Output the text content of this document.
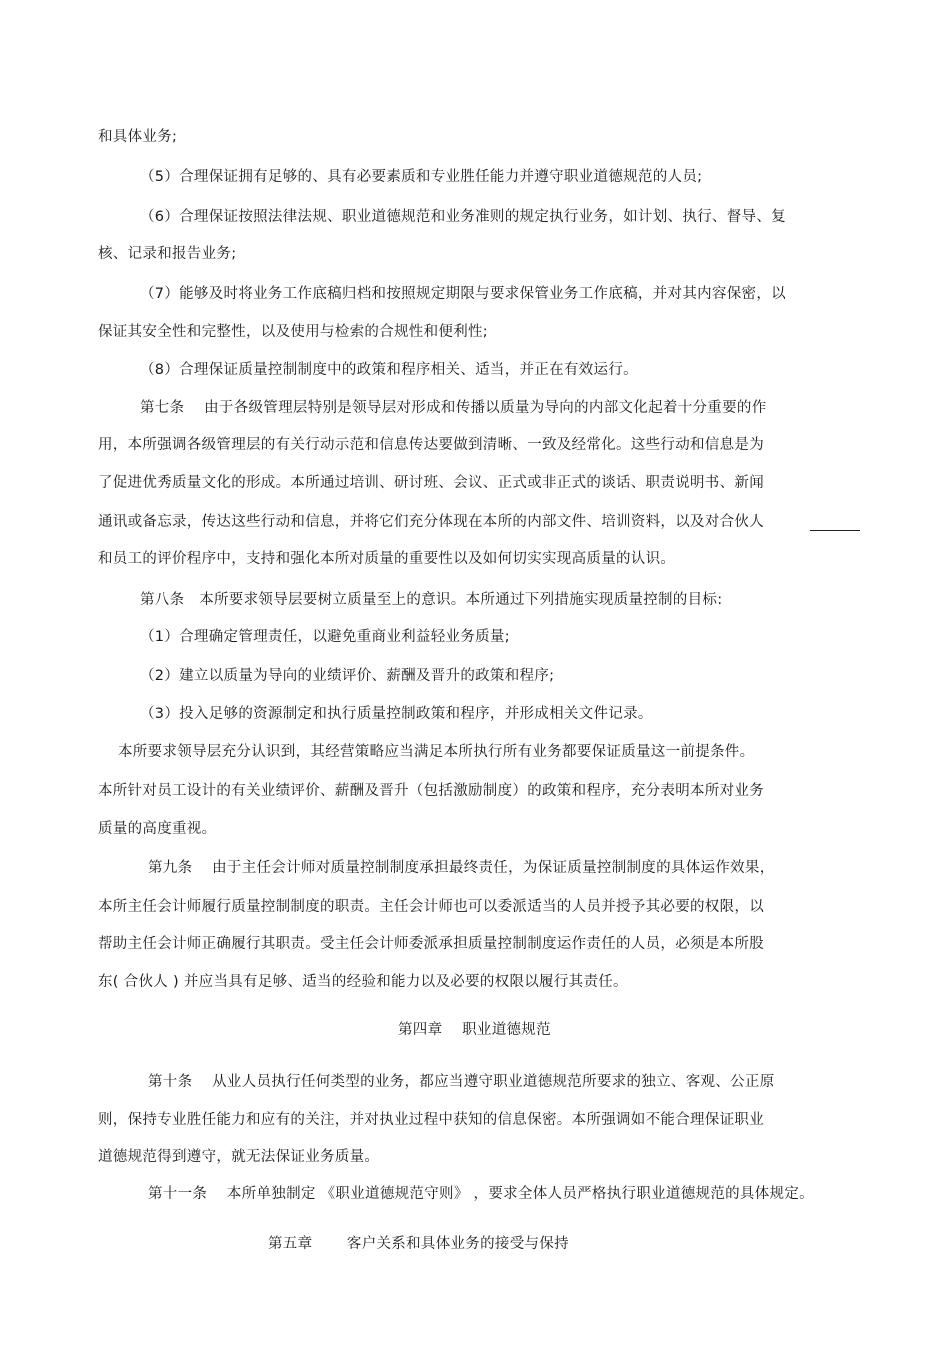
和具体业务;
（5）合理保证拥有足够的、具有必要素质和专业胜任能力并遵守职业道德规范的人员;
（6）合理保证按照法律法规、职业道德规范和业务准则的规定执行业务，如计划、执行、督导、复
核、记录和报告业务;
（7）能够及时将业务工作底稿归档和按照规定期限与要求保管业务工作底稿，并对其内容保密，以
保证其安全性和完整性，以及使用与检索的合规性和便利性;
（8）合理保证质量控制制度中的政策和程序相关、适当，并正在有效运行。
第七条　 由于各级管理层特别是领导层对形成和传播以质量为导向的内部文化起着十分重要的作
用，本所强调各级管理层的有关行动示范和信息传达要做到清晰、一致及经常化。这些行动和信息是为
了促进优秀质量文化的形成。本所通过培训、研讨班、会议、正式或非正式的谈话、职责说明书、新闻
通讯或备忘录，传达这些行动和信息，并将它们充分体现在本所的内部文件、培训资料，以及对合伙人
和员工的评价程序中，支持和强化本所对质量的重要性以及如何切实实现高质量的认识。
第八条　本所要求领导层要树立质量至上的意识。本所通过下列措施实现质量控制的目标:
（1）合理确定管理责任，以避免重商业利益轻业务质量;
（2）建立以质量为导向的业绩评价、薪酬及晋升的政策和程序;
（3）投入足够的资源制定和执行质量控制政策和程序，并形成相关文件记录。
本所要求领导层充分认识到，其经营策略应当满足本所执行所有业务都要保证质量这一前提条件。
本所针对员工设计的有关业绩评价、薪酬及晋升（包括激励制度）的政策和程序，充分表明本所对业务
质量的高度重视。
第九条　 由于主任会计师对质量控制制度承担最终责任，为保证质量控制制度的具体运作效果，
本所主任会计师履行质量控制制度的职责。主任会计师也可以委派适当的人员并授予其必要的权限，以
帮助主任会计师正确履行其职责。受主任会计师委派承担质量控制制度运作责任的人员，必须是本所股
东( 合伙人 ) 并应当具有足够、适当的经验和能力以及必要的权限以履行其责任。
第四章　 职业道德规范
第十条　 从业人员执行任何类型的业务，都应当遵守职业道德规范所要求的独立、客观、公正原
则，保持专业胜任能力和应有的关注，并对执业过程中获知的信息保密。本所强调如不能合理保证职业
道德规范得到遵守，就无法保证业务质量。
第十一条　 本所单独制定 《职业道德规范守则》 ，要求全体人员严格执行职业道德规范的具体规定。
第五章　　 客户关系和具体业务的接受与保持
